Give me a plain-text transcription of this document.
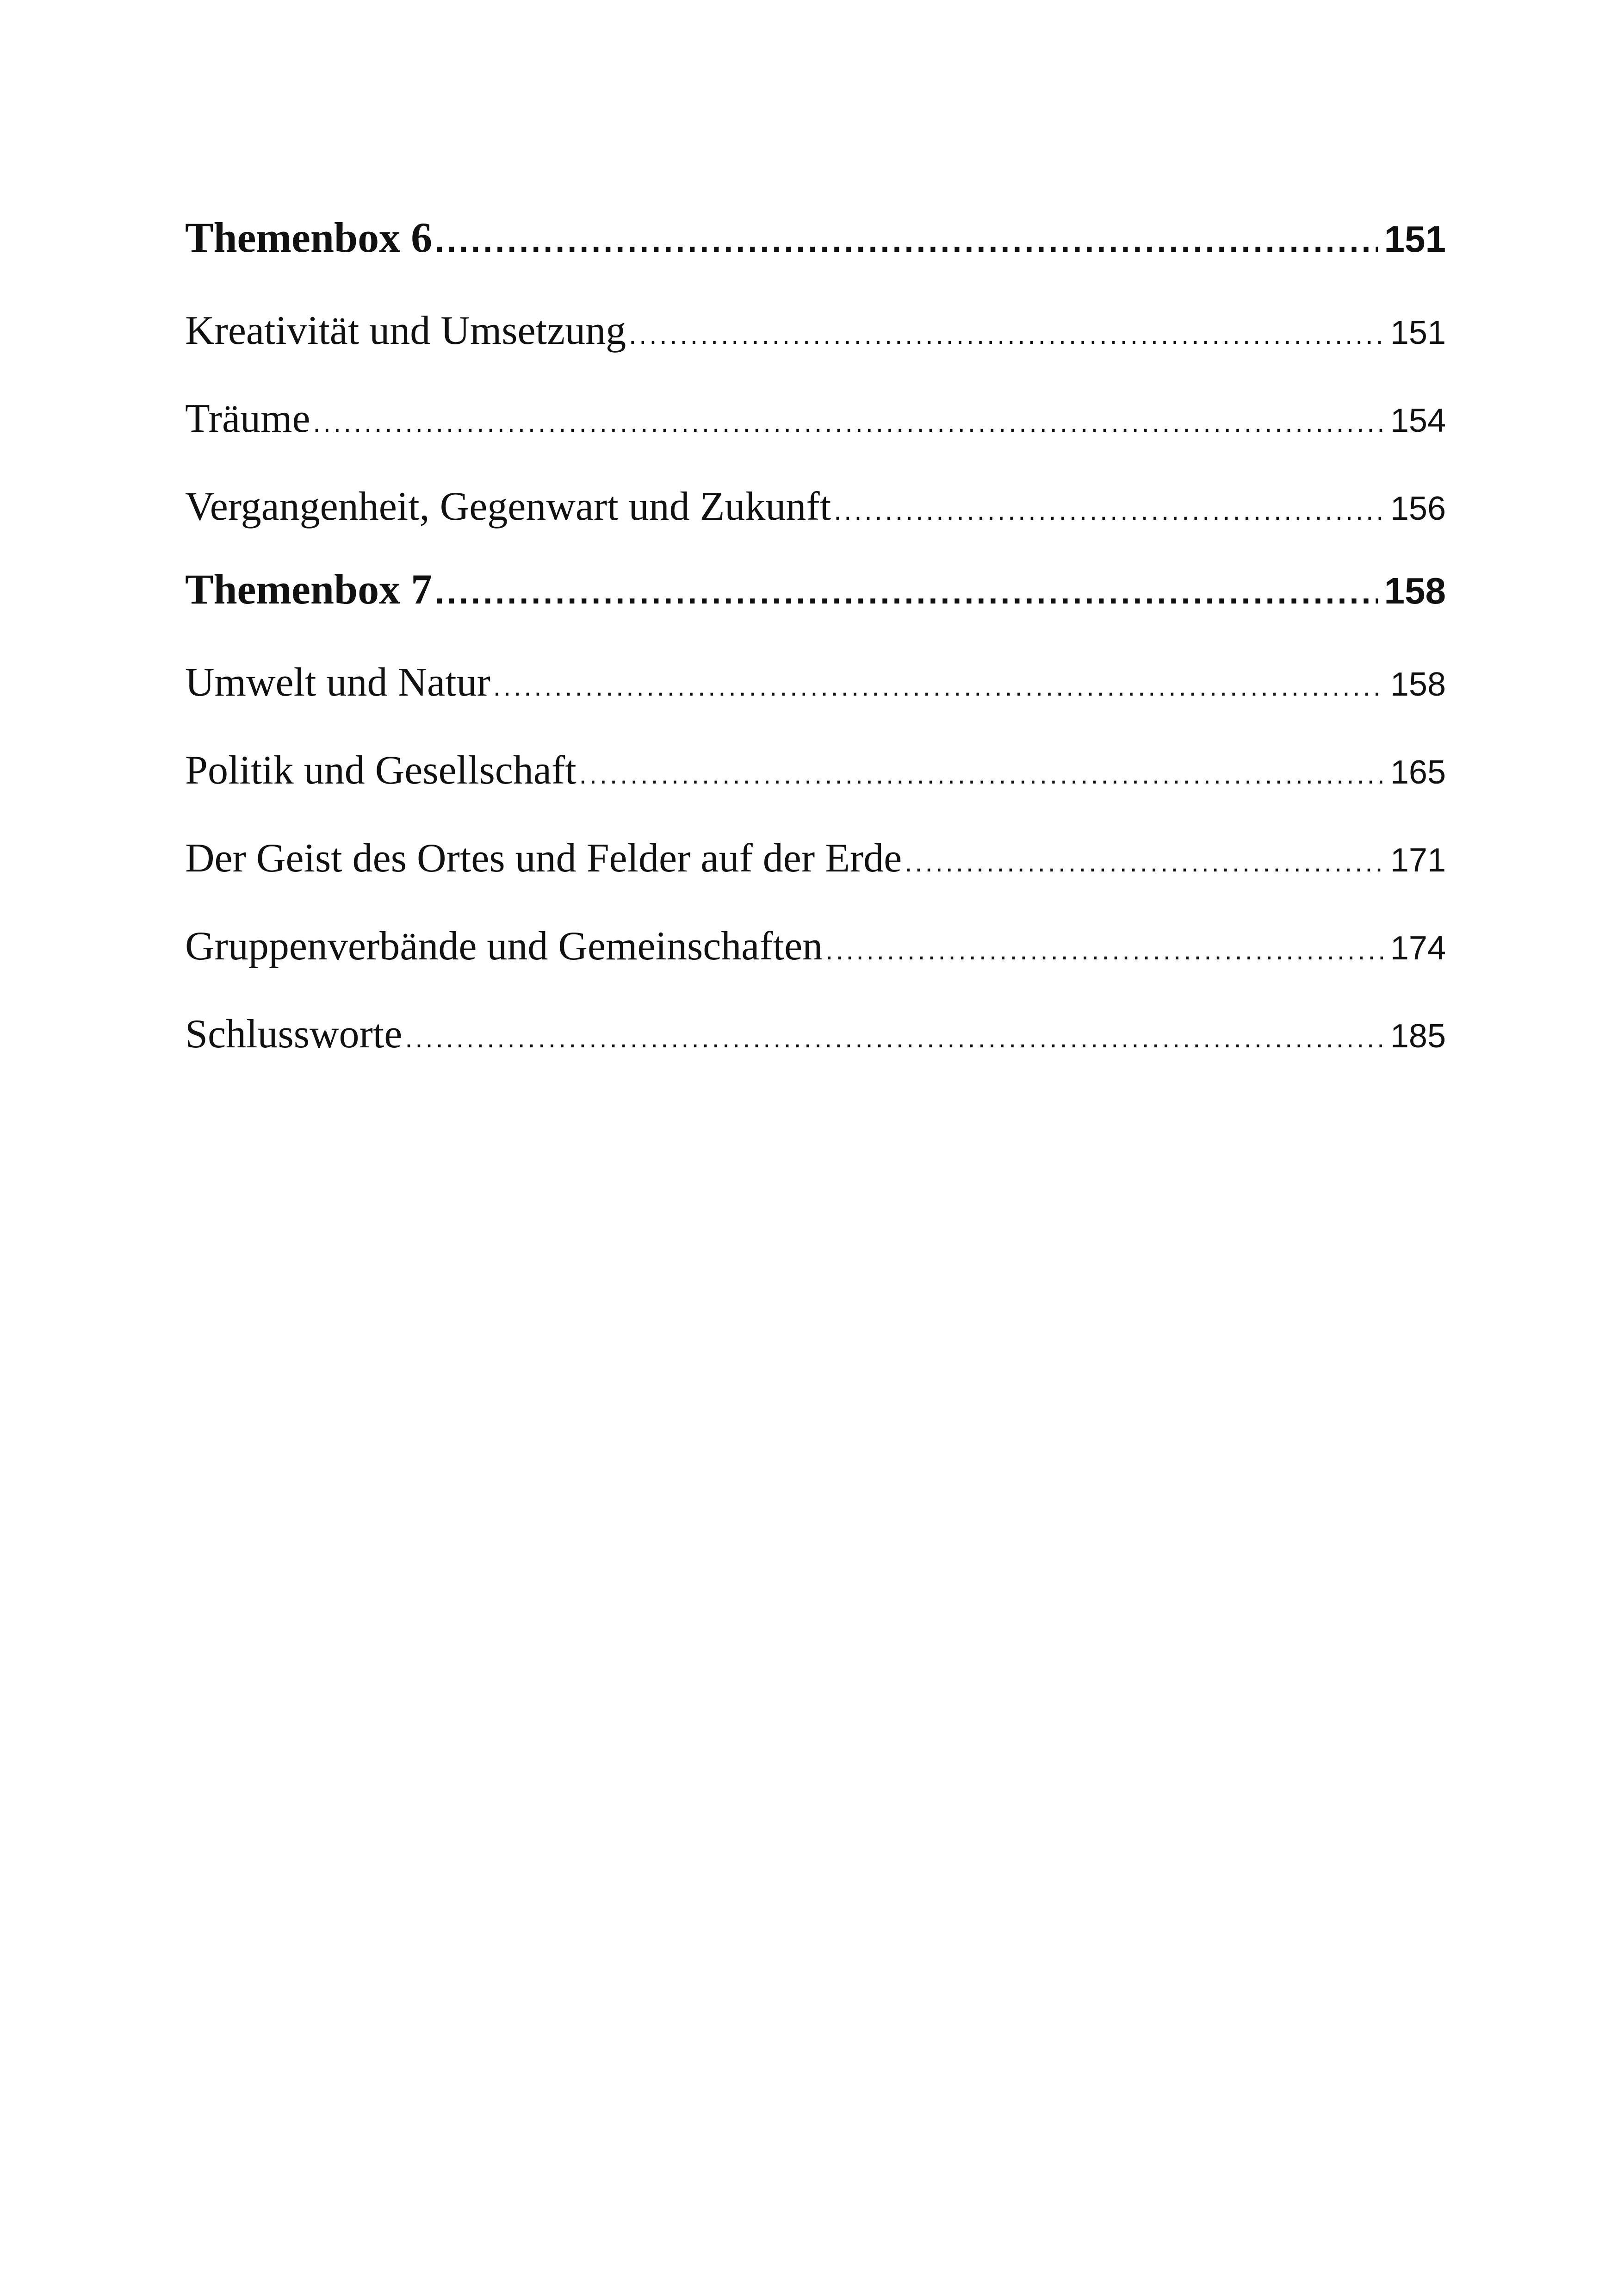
Themenbox 6 .....	151
Kreativität und Umsetzung .....	151
Träume .....	154
Vergangenheit, Gegenwart und Zukunft .....	156
Themenbox 7 .....	158
Umwelt und Natur .....	158
Politik und Gesellschaft .....	165
Der Geist des Ortes und Felder auf der Erde .....	171
Gruppenverbände und Gemeinschaften .....	174
Schlussworte .....	185
